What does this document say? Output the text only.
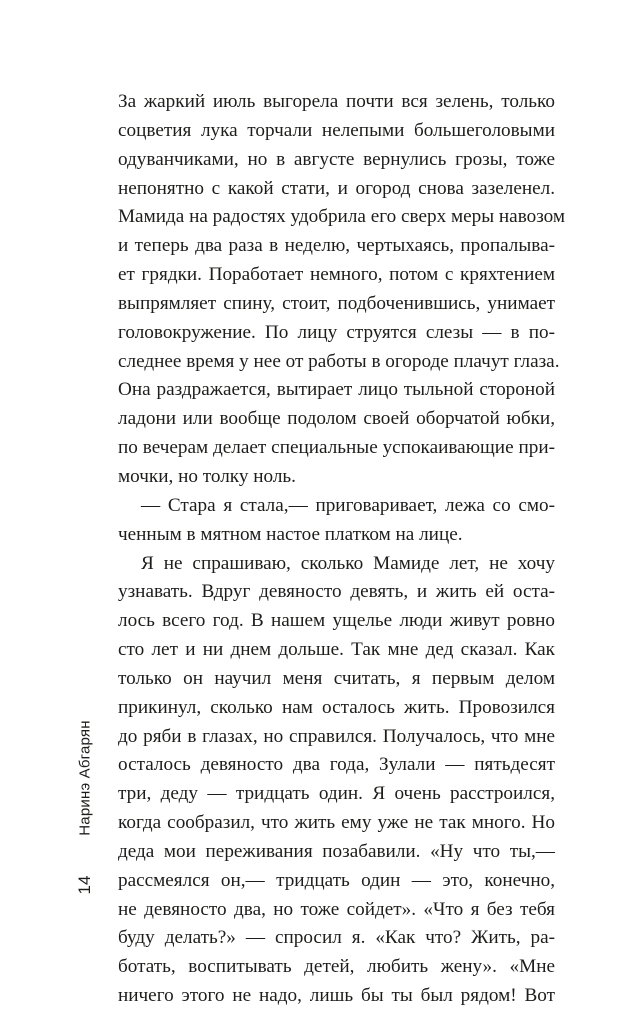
За жаркий июль выгорела почти вся зелень, только
соцветия лука торчали нелепыми большеголовыми
одуванчиками, но в августе вернулись грозы, тоже
непонятно с какой стати, и огород снова зазеленел.
Мамида на радостях удобрила его сверх меры навозом
и теперь два раза в неделю, чертыхаясь, пропалыва-
ет грядки. Поработает немного, потом с кряхтением
выпрямляет спину, стоит, подбоченившись, унимает
головокружение. По лицу струятся слезы — в по-
следнее время у нее от работы в огороде плачут глаза.
Она раздражается, вытирает лицо тыльной стороной
ладони или вообще подолом своей оборчатой юбки,
по вечерам делает специальные успокаивающие при-
мочки, но толку ноль.
— Стара я стала,— приговаривает, лежа со смо-
ченным в мятном настое платком на лице.
Я не спрашиваю, сколько Мамиде лет, не хочу
узнавать. Вдруг девяносто девять, и жить ей оста-
лось всего год. В нашем ущелье люди живут ровно
сто лет и ни днем дольше. Так мне дед сказал. Как
только он научил меня считать, я первым делом
прикинул, сколько нам осталось жить. Провозился
до ряби в глазах, но справился. Получалось, что мне
осталось девяносто два года, Зулали — пятьдесят
три, деду — тридцать один. Я очень расстроился,
когда сообразил, что жить ему уже не так много. Но
деда мои переживания позабавили. «Ну что ты,—
рассмеялся он,— тридцать один — это, конечно,
не девяносто два, но тоже сойдет». «Что я без тебя
буду делать?» — спросил я. «Как что? Жить, ра-
ботать, воспитывать детей, любить жену». «Мне
ничего этого не надо, лишь бы ты был рядом! Вот
Наринэ Абгарян
14
